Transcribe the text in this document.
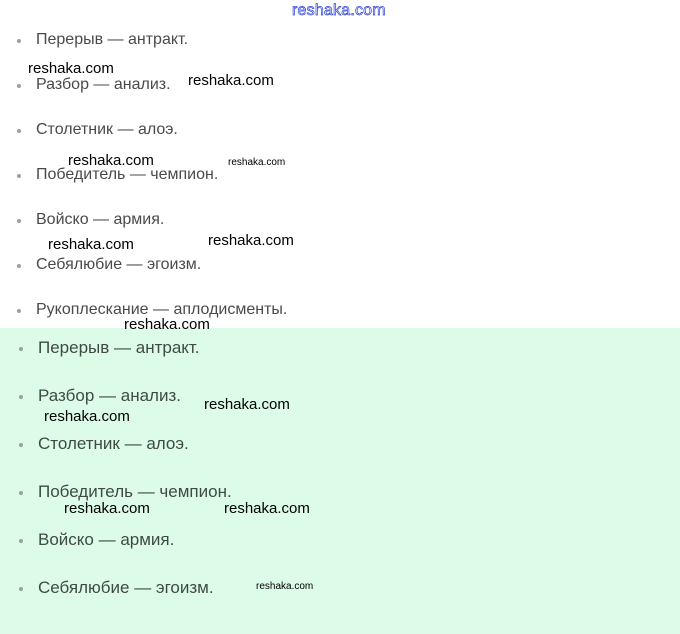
reshaka.com
Перерыв — антракт.
Разбор — анализ.
Столетник — алоэ.
Победитель — чемпион.
Войско — армия.
Себялюбие — эгоизм.
Рукоплескание — аплодисменты.
Перерыв — антракт.
Разбор — анализ.
Столетник — алоэ.
Победитель — чемпион.
Войско — армия.
Себялюбие — эгоизм.
reshaka.com
reshaka.com
reshaka.com	reshaka.com
reshaka.com	reshaka.com
reshaka.com
reshaka.com
reshaka.com
reshaka.com	reshaka.com
reshaka.com
